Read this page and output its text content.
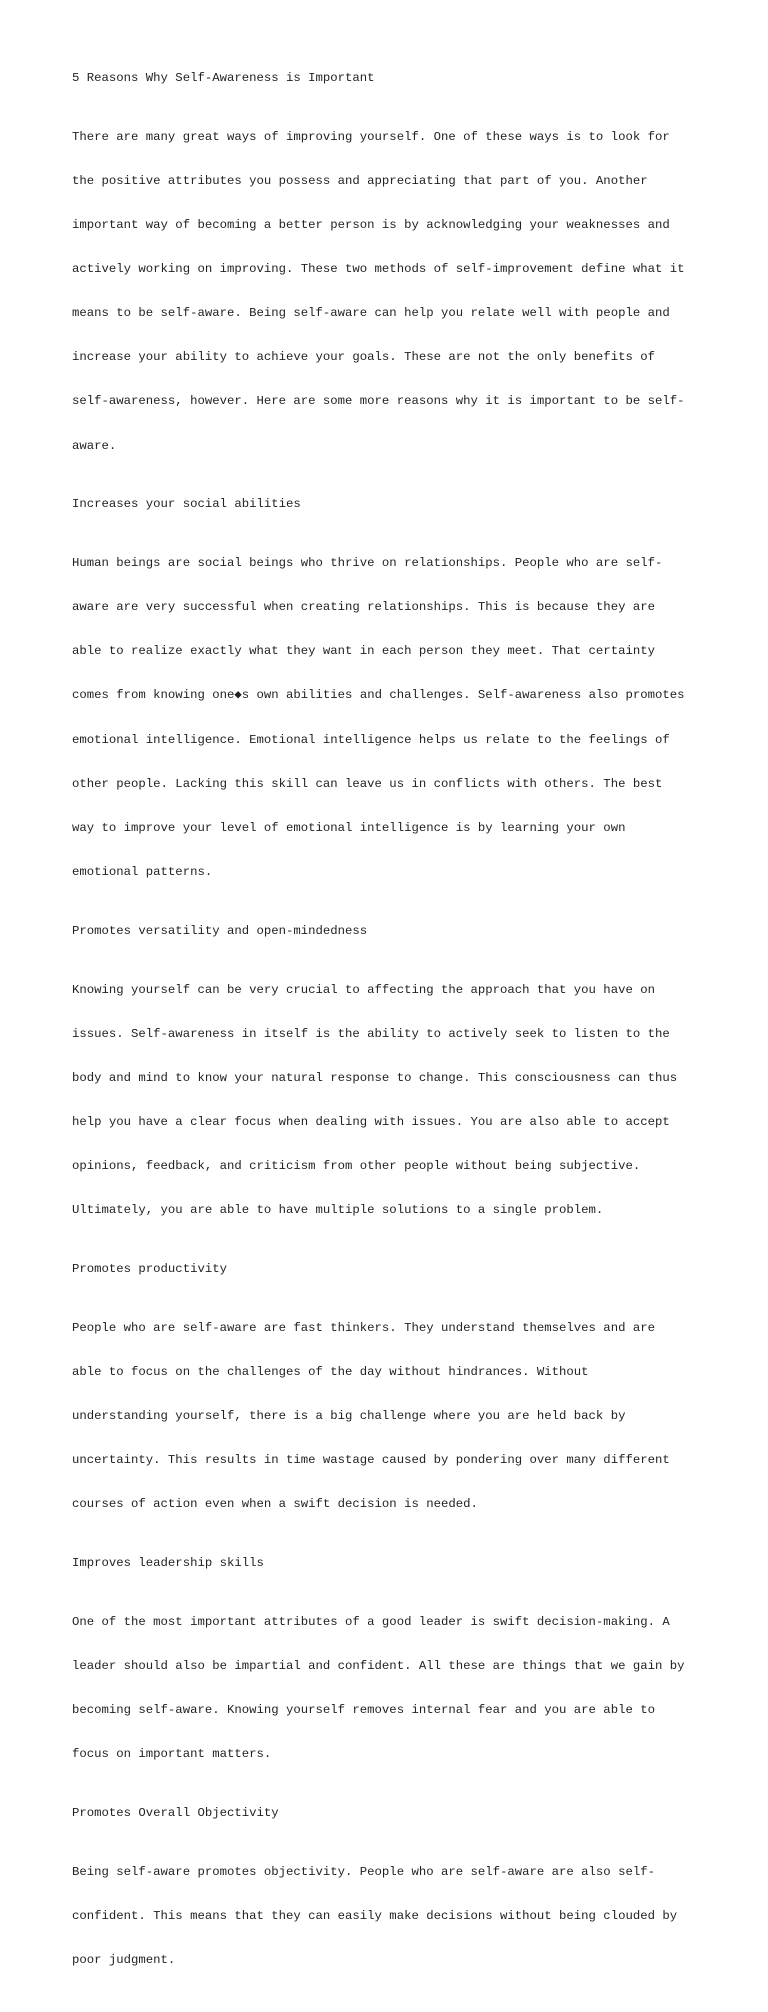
5 Reasons Why Self-Awareness is Important

There are many great ways of improving yourself. One of these ways is to look for

the positive attributes you possess and appreciating that part of you. Another

important way of becoming a better person is by acknowledging your weaknesses and

actively working on improving. These two methods of self-improvement define what it

means to be self-aware. Being self-aware can help you relate well with people and

increase your ability to achieve your goals. These are not the only benefits of

self-awareness, however. Here are some more reasons why it is important to be self-

aware.

Increases your social abilities

Human beings are social beings who thrive on relationships. People who are self-

aware are very successful when creating relationships. This is because they are

able to realize exactly what they want in each person they meet. That certainty

comes from knowing one◆s own abilities and challenges. Self-awareness also promotes

emotional intelligence. Emotional intelligence helps us relate to the feelings of

other people. Lacking this skill can leave us in conflicts with others. The best

way to improve your level of emotional intelligence is by learning your own

emotional patterns.

Promotes versatility and open-mindedness

Knowing yourself can be very crucial to affecting the approach that you have on

issues. Self-awareness in itself is the ability to actively seek to listen to the

body and mind to know your natural response to change. This consciousness can thus

help you have a clear focus when dealing with issues. You are also able to accept

opinions, feedback, and criticism from other people without being subjective.

Ultimately, you are able to have multiple solutions to a single problem.

Promotes productivity

People who are self-aware are fast thinkers. They understand themselves and are

able to focus on the challenges of the day without hindrances. Without

understanding yourself, there is a big challenge where you are held back by

uncertainty. This results in time wastage caused by pondering over many different

courses of action even when a swift decision is needed.

Improves leadership skills

One of the most important attributes of a good leader is swift decision-making. A

leader should also be impartial and confident. All these are things that we gain by

becoming self-aware. Knowing yourself removes internal fear and you are able to

focus on important matters.

Promotes Overall Objectivity

Being self-aware promotes objectivity. People who are self-aware are also self-

confident. This means that they can easily make decisions without being clouded by

poor judgment.
